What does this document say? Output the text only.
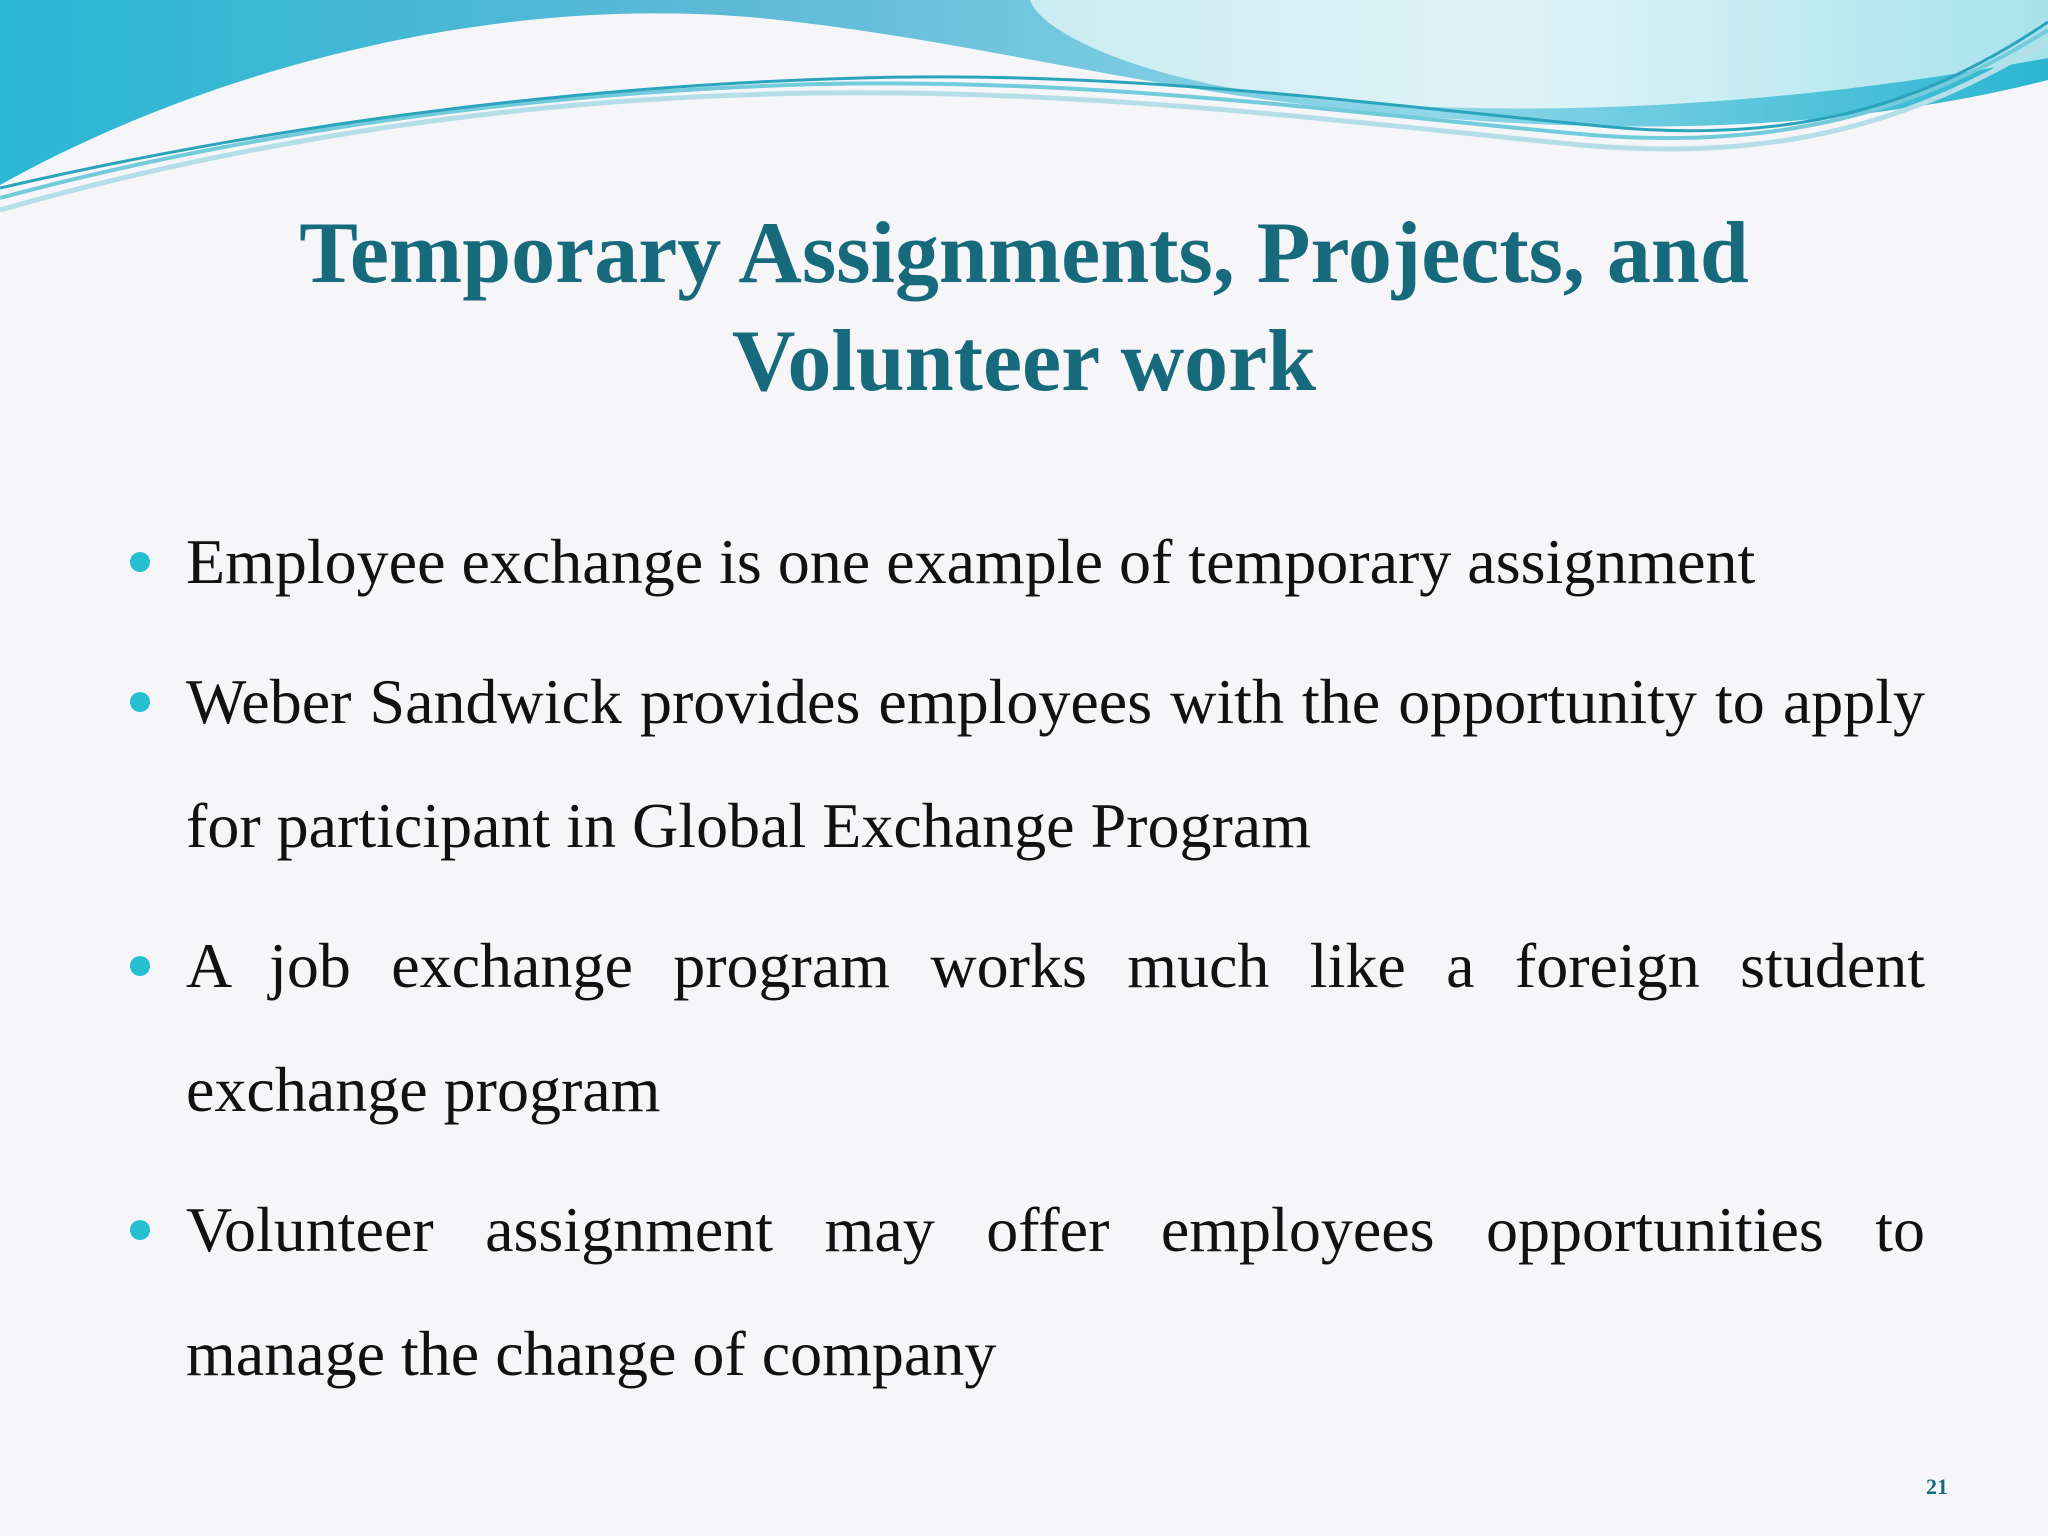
Temporary Assignments, Projects, and Volunteer work
Employee exchange is one example of temporary assignment
Weber Sandwick provides employees with the opportunity to apply for participant in Global Exchange Program
A job exchange program works much like a foreign student exchange program
Volunteer assignment may offer employees opportunities to manage the change of company
21
